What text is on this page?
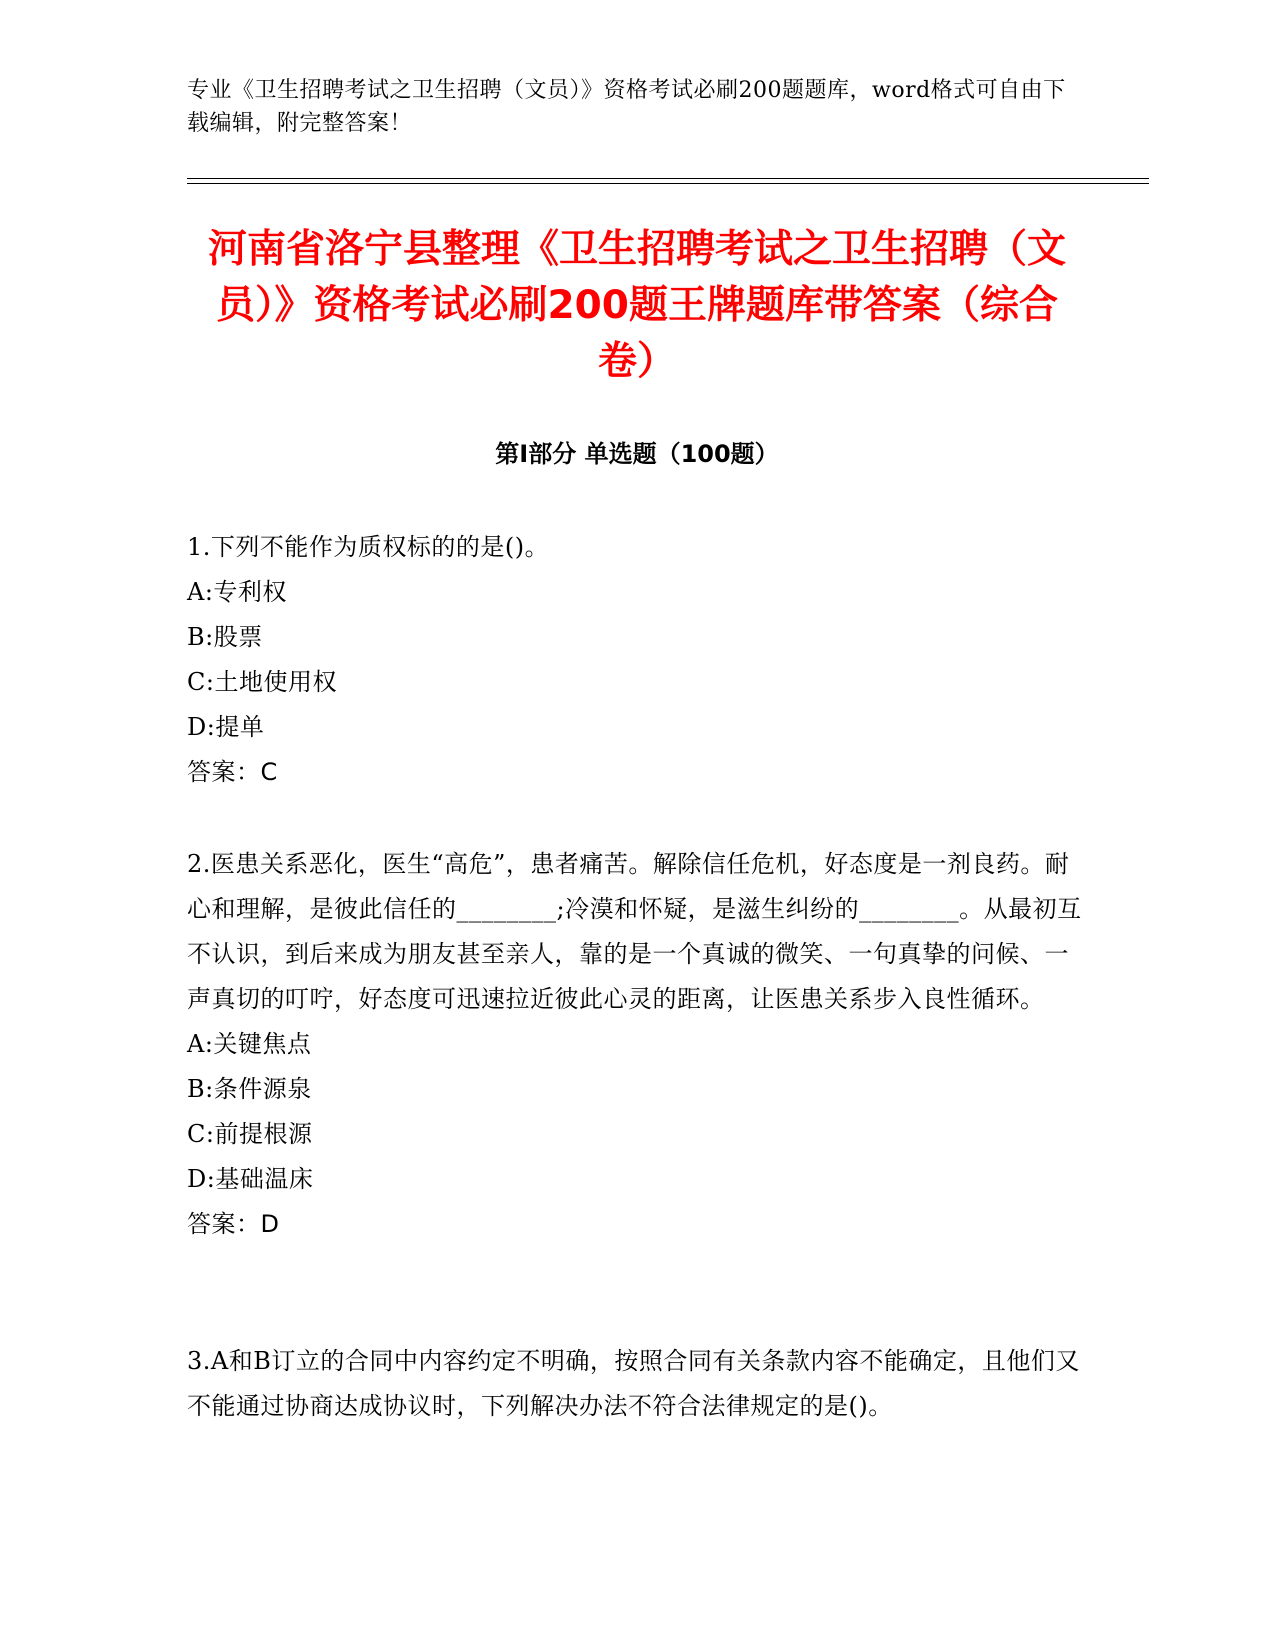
专业《卫生招聘考试之卫生招聘（文员）》资格考试必刷200题题库，word格式可自由下载编辑，附完整答案！
河南省洛宁县整理《卫生招聘考试之卫生招聘（文员）》资格考试必刷200题王牌题库带答案（综合卷）
第Ⅰ部分 单选题（100题）

1.下列不能作为质权标的的是()。

A:专利权

B:股票

C:土地使用权

D:提单

答案：C

2.医患关系恶化，医生“高危”，患者痛苦。解除信任危机，好态度是一剂良药。耐心和理解，是彼此信任的________;冷漠和怀疑，是滋生纠纷的________。从最初互不认识，到后来成为朋友甚至亲人，靠的是一个真诚的微笑、一句真挚的问候、一声真切的叮咛，好态度可迅速拉近彼此心灵的距离，让医患关系步入良性循环。

A:关键焦点

B:条件源泉

C:前提根源

D:基础温床

答案：D

3.A和B订立的合同中内容约定不明确，按照合同有关条款内容不能确定，且他们又不能通过协商达成协议时，下列解决办法不符合法律规定的是()。
